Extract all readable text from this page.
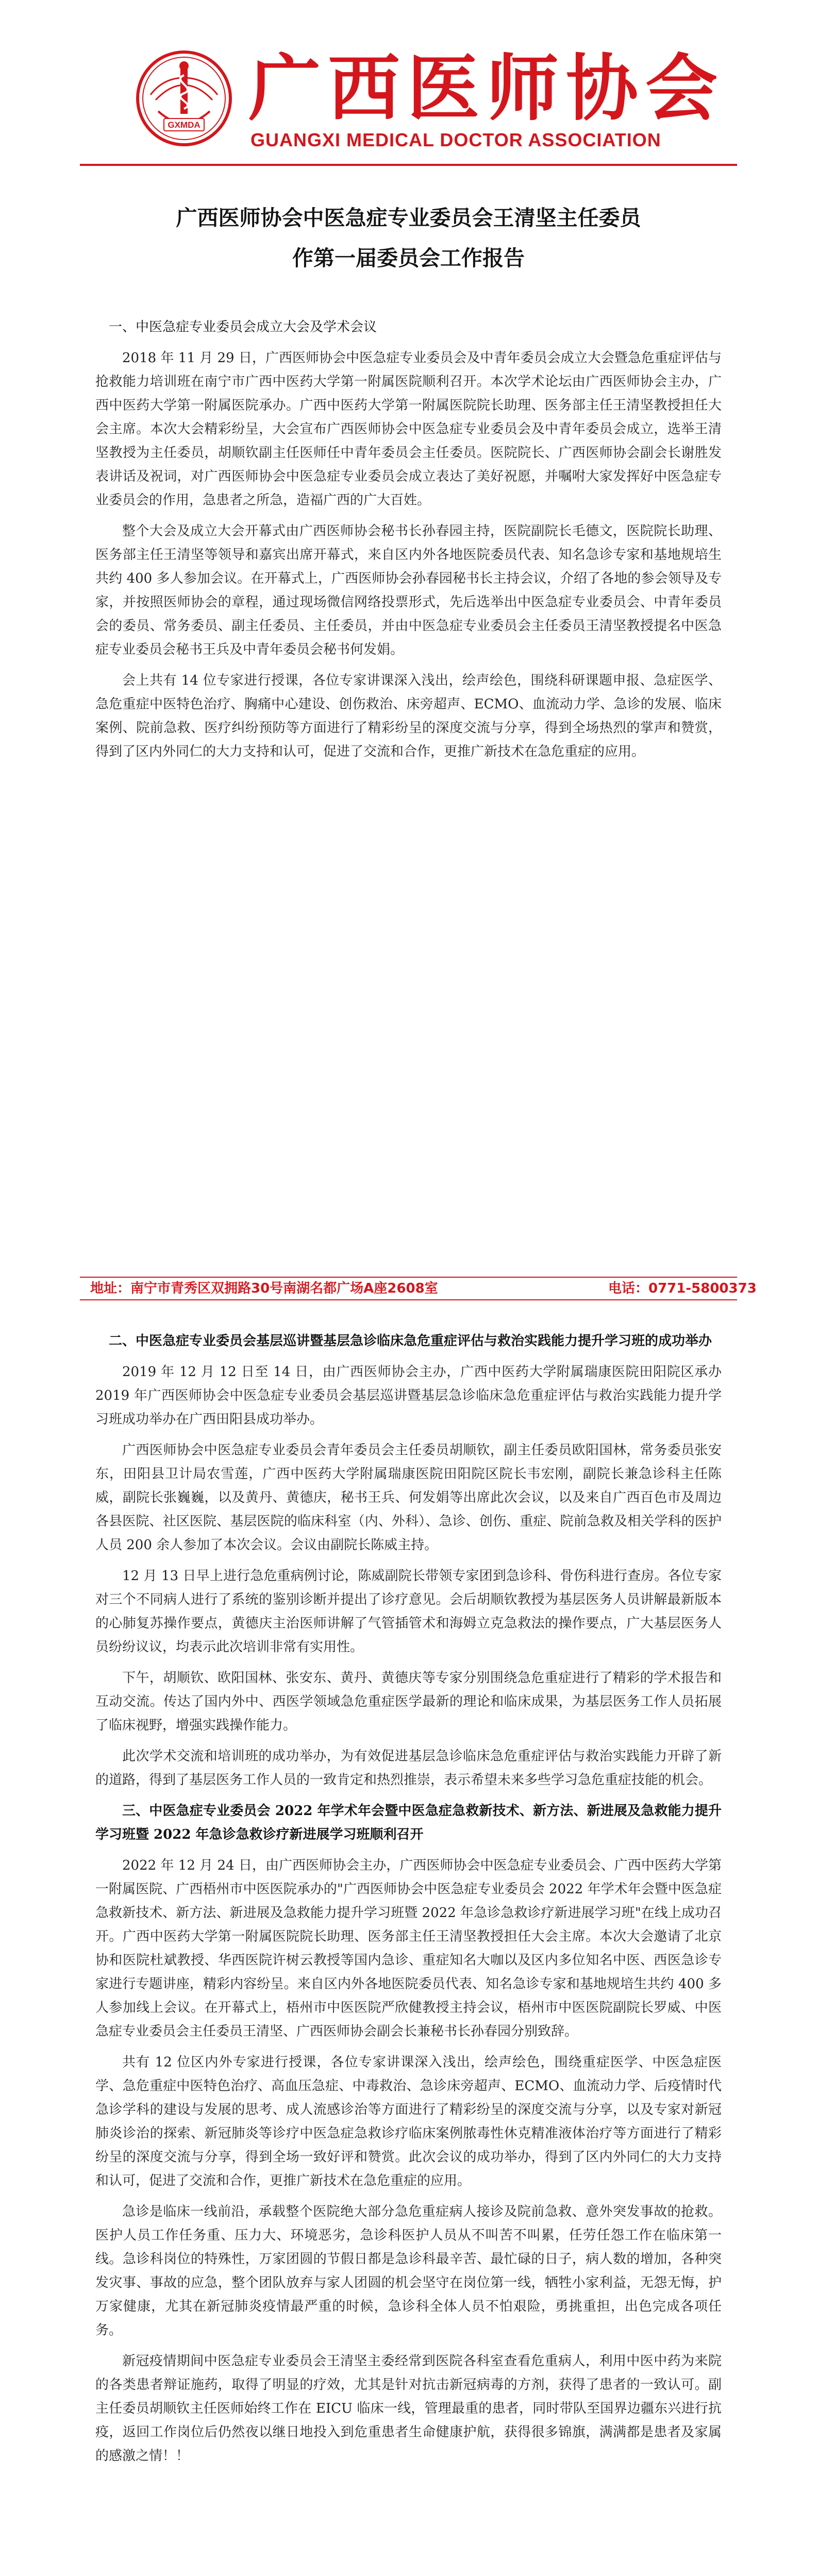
GXMDA 广西医师协会
GUANGXI MEDICAL DOCTOR ASSOCIATION
广西医师协会中医急症专业委员会王清坚主任委员
作第一届委员会工作报告
一、中医急症专业委员会成立大会及学术会议

2018 年 11 月 29 日，广西医师协会中医急症专业委员会及中青年委员会成立大会暨急危重症评估与抢救能力培训班在南宁市广西中医药大学第一附属医院顺利召开。本次学术论坛由广西医师协会主办，广西中医药大学第一附属医院承办。广西中医药大学第一附属医院院长助理、医务部主任王清坚教授担任大会主席。本次大会精彩纷呈，大会宣布广西医师协会中医急症专业委员会及中青年委员会成立，选举王清坚教授为主任委员，胡顺钦副主任医师任中青年委员会主任委员。医院院长、广西医师协会副会长谢胜发表讲话及祝词，对广西医师协会中医急症专业委员会成立表达了美好祝愿，并嘱咐大家发挥好中医急症专业委员会的作用，急患者之所急，造福广西的广大百姓。

整个大会及成立大会开幕式由广西医师协会秘书长孙春园主持，医院副院长毛德文，医院院长助理、医务部主任王清坚等领导和嘉宾出席开幕式，来自区内外各地医院委员代表、知名急诊专家和基地规培生共约 400 多人参加会议。在开幕式上，广西医师协会孙春园秘书长主持会议，介绍了各地的参会领导及专家，并按照医师协会的章程，通过现场微信网络投票形式，先后选举出中医急症专业委员会、中青年委员会的委员、常务委员、副主任委员、主任委员，并由中医急症专业委员会主任委员王清坚教授提名中医急症专业委员会秘书王兵及中青年委员会秘书何发娟。

会上共有 14 位专家进行授课，各位专家讲课深入浅出，绘声绘色，围绕科研课题申报、急症医学、急危重症中医特色治疗、胸痛中心建设、创伤救治、床旁超声、ECMO、血流动力学、急诊的发展、临床案例、院前急救、医疗纠纷预防等方面进行了精彩纷呈的深度交流与分享，得到全场热烈的掌声和赞赏，得到了区内外同仁的大力支持和认可，促进了交流和合作，更推广新技术在急危重症的应用。

地址：南宁市青秀区双拥路30号南湖名都广场A座2608室	电话：0771-5800373
二、中医急症专业委员会基层巡讲暨基层急诊临床急危重症评估与救治实践能力提升学习班的成功举办

2019 年 12 月 12 日至 14 日，由广西医师协会主办，广西中医药大学附属瑞康医院田阳院区承办 2019 年广西医师协会中医急症专业委员会基层巡讲暨基层急诊临床急危重症评估与救治实践能力提升学习班成功举办在广西田阳县成功举办。

广西医师协会中医急症专业委员会青年委员会主任委员胡顺钦，副主任委员欧阳国林，常务委员张安东，田阳县卫计局农雪莲，广西中医药大学附属瑞康医院田阳院区院长韦宏刚，副院长兼急诊科主任陈威，副院长张巍巍，以及黄丹、黄德庆，秘书王兵、何发娟等出席此次会议，以及来自广西百色市及周边各县医院、社区医院、基层医院的临床科室（内、外科）、急诊、创伤、重症、院前急救及相关学科的医护人员 200 余人参加了本次会议。会议由副院长陈威主持。

12 月 13 日早上进行急危重病例讨论，陈威副院长带领专家团到急诊科、骨伤科进行查房。各位专家对三个不同病人进行了系统的鉴别诊断并提出了诊疗意见。会后胡顺钦教授为基层医务人员讲解最新版本的心肺复苏操作要点，黄德庆主治医师讲解了气管插管术和海姆立克急救法的操作要点，广大基层医务人员纷纷议议，均表示此次培训非常有实用性。

下午，胡顺钦、欧阳国林、张安东、黄丹、黄德庆等专家分别围绕急危重症进行了精彩的学术报告和互动交流。传达了国内外中、西医学领域急危重症医学最新的理论和临床成果，为基层医务工作人员拓展了临床视野，增强实践操作能力。

此次学术交流和培训班的成功举办，为有效促进基层急诊临床急危重症评估与救治实践能力开辟了新的道路，得到了基层医务工作人员的一致肯定和热烈推崇，表示希望未来多些学习急危重症技能的机会。

三、中医急症专业委员会 2022 年学术年会暨中医急症急救新技术、新方法、新进展及急救能力提升学习班暨 2022 年急诊急救诊疗新进展学习班顺利召开

2022 年 12 月 24 日，由广西医师协会主办，广西医师协会中医急症专业委员会、广西中医药大学第一附属医院、广西梧州市中医医院承办的"广西医师协会中医急症专业委员会 2022 年学术年会暨中医急症急救新技术、新方法、新进展及急救能力提升学习班暨 2022 年急诊急救诊疗新进展学习班"在线上成功召开。广西中医药大学第一附属医院院长助理、医务部主任王清坚教授担任大会主席。本次大会邀请了北京协和医院杜斌教授、华西医院许树云教授等国内急诊、重症知名大咖以及区内多位知名中医、西医急诊专家进行专题讲座，精彩内容纷呈。来自区内外各地医院委员代表、知名急诊专家和基地规培生共约 400 多人参加线上会议。在开幕式上，梧州市中医医院严欣健教授主持会议，梧州市中医医院副院长罗威、中医急症专业委员会主任委员王清坚、广西医师协会副会长兼秘书长孙春园分别致辞。

共有 12 位区内外专家进行授课，各位专家讲课深入浅出，绘声绘色，围绕重症医学、中医急症医学、急危重症中医特色治疗、高血压急症、中毒救治、急诊床旁超声、ECMO、血流动力学、后疫情时代急诊学科的建设与发展的思考、成人流感诊治等方面进行了精彩纷呈的深度交流与分享，以及专家对新冠肺炎诊治的探索、新冠肺炎等诊疗中医急症急救诊疗临床案例脓毒性休克精准液体治疗等方面进行了精彩纷呈的深度交流与分享，得到全场一致好评和赞赏。此次会议的成功举办，得到了区内外同仁的大力支持和认可，促进了交流和合作，更推广新技术在急危重症的应用。

急诊是临床一线前沿，承载整个医院绝大部分急危重症病人接诊及院前急救、意外突发事故的抢救。医护人员工作任务重、压力大、环境恶劣，急诊科医护人员从不叫苦不叫累，任劳任怨工作在临床第一线。急诊科岗位的特殊性，万家团圆的节假日都是急诊科最辛苦、最忙碌的日子，病人数的增加，各种突发灾事、事故的应急，整个团队放弃与家人团圆的机会坚守在岗位第一线，牺牲小家利益，无怨无悔，护万家健康，尤其在新冠肺炎疫情最严重的时候，急诊科全体人员不怕艰险，勇挑重担，出色完成各项任务。

新冠疫情期间中医急症专业委员会王清坚主委经常到医院各科室查看危重病人，利用中医中药为来院的各类患者辩证施药，取得了明显的疗效，尤其是针对抗击新冠病毒的方剂，获得了患者的一致认可。副主任委员胡顺钦主任医师始终工作在 EICU 临床一线，管理最重的患者，同时带队至国界边疆东兴进行抗疫，返回工作岗位后仍然夜以继日地投入到危重患者生命健康护航，获得很多锦旗，满满都是患者及家属的感激之情！！
